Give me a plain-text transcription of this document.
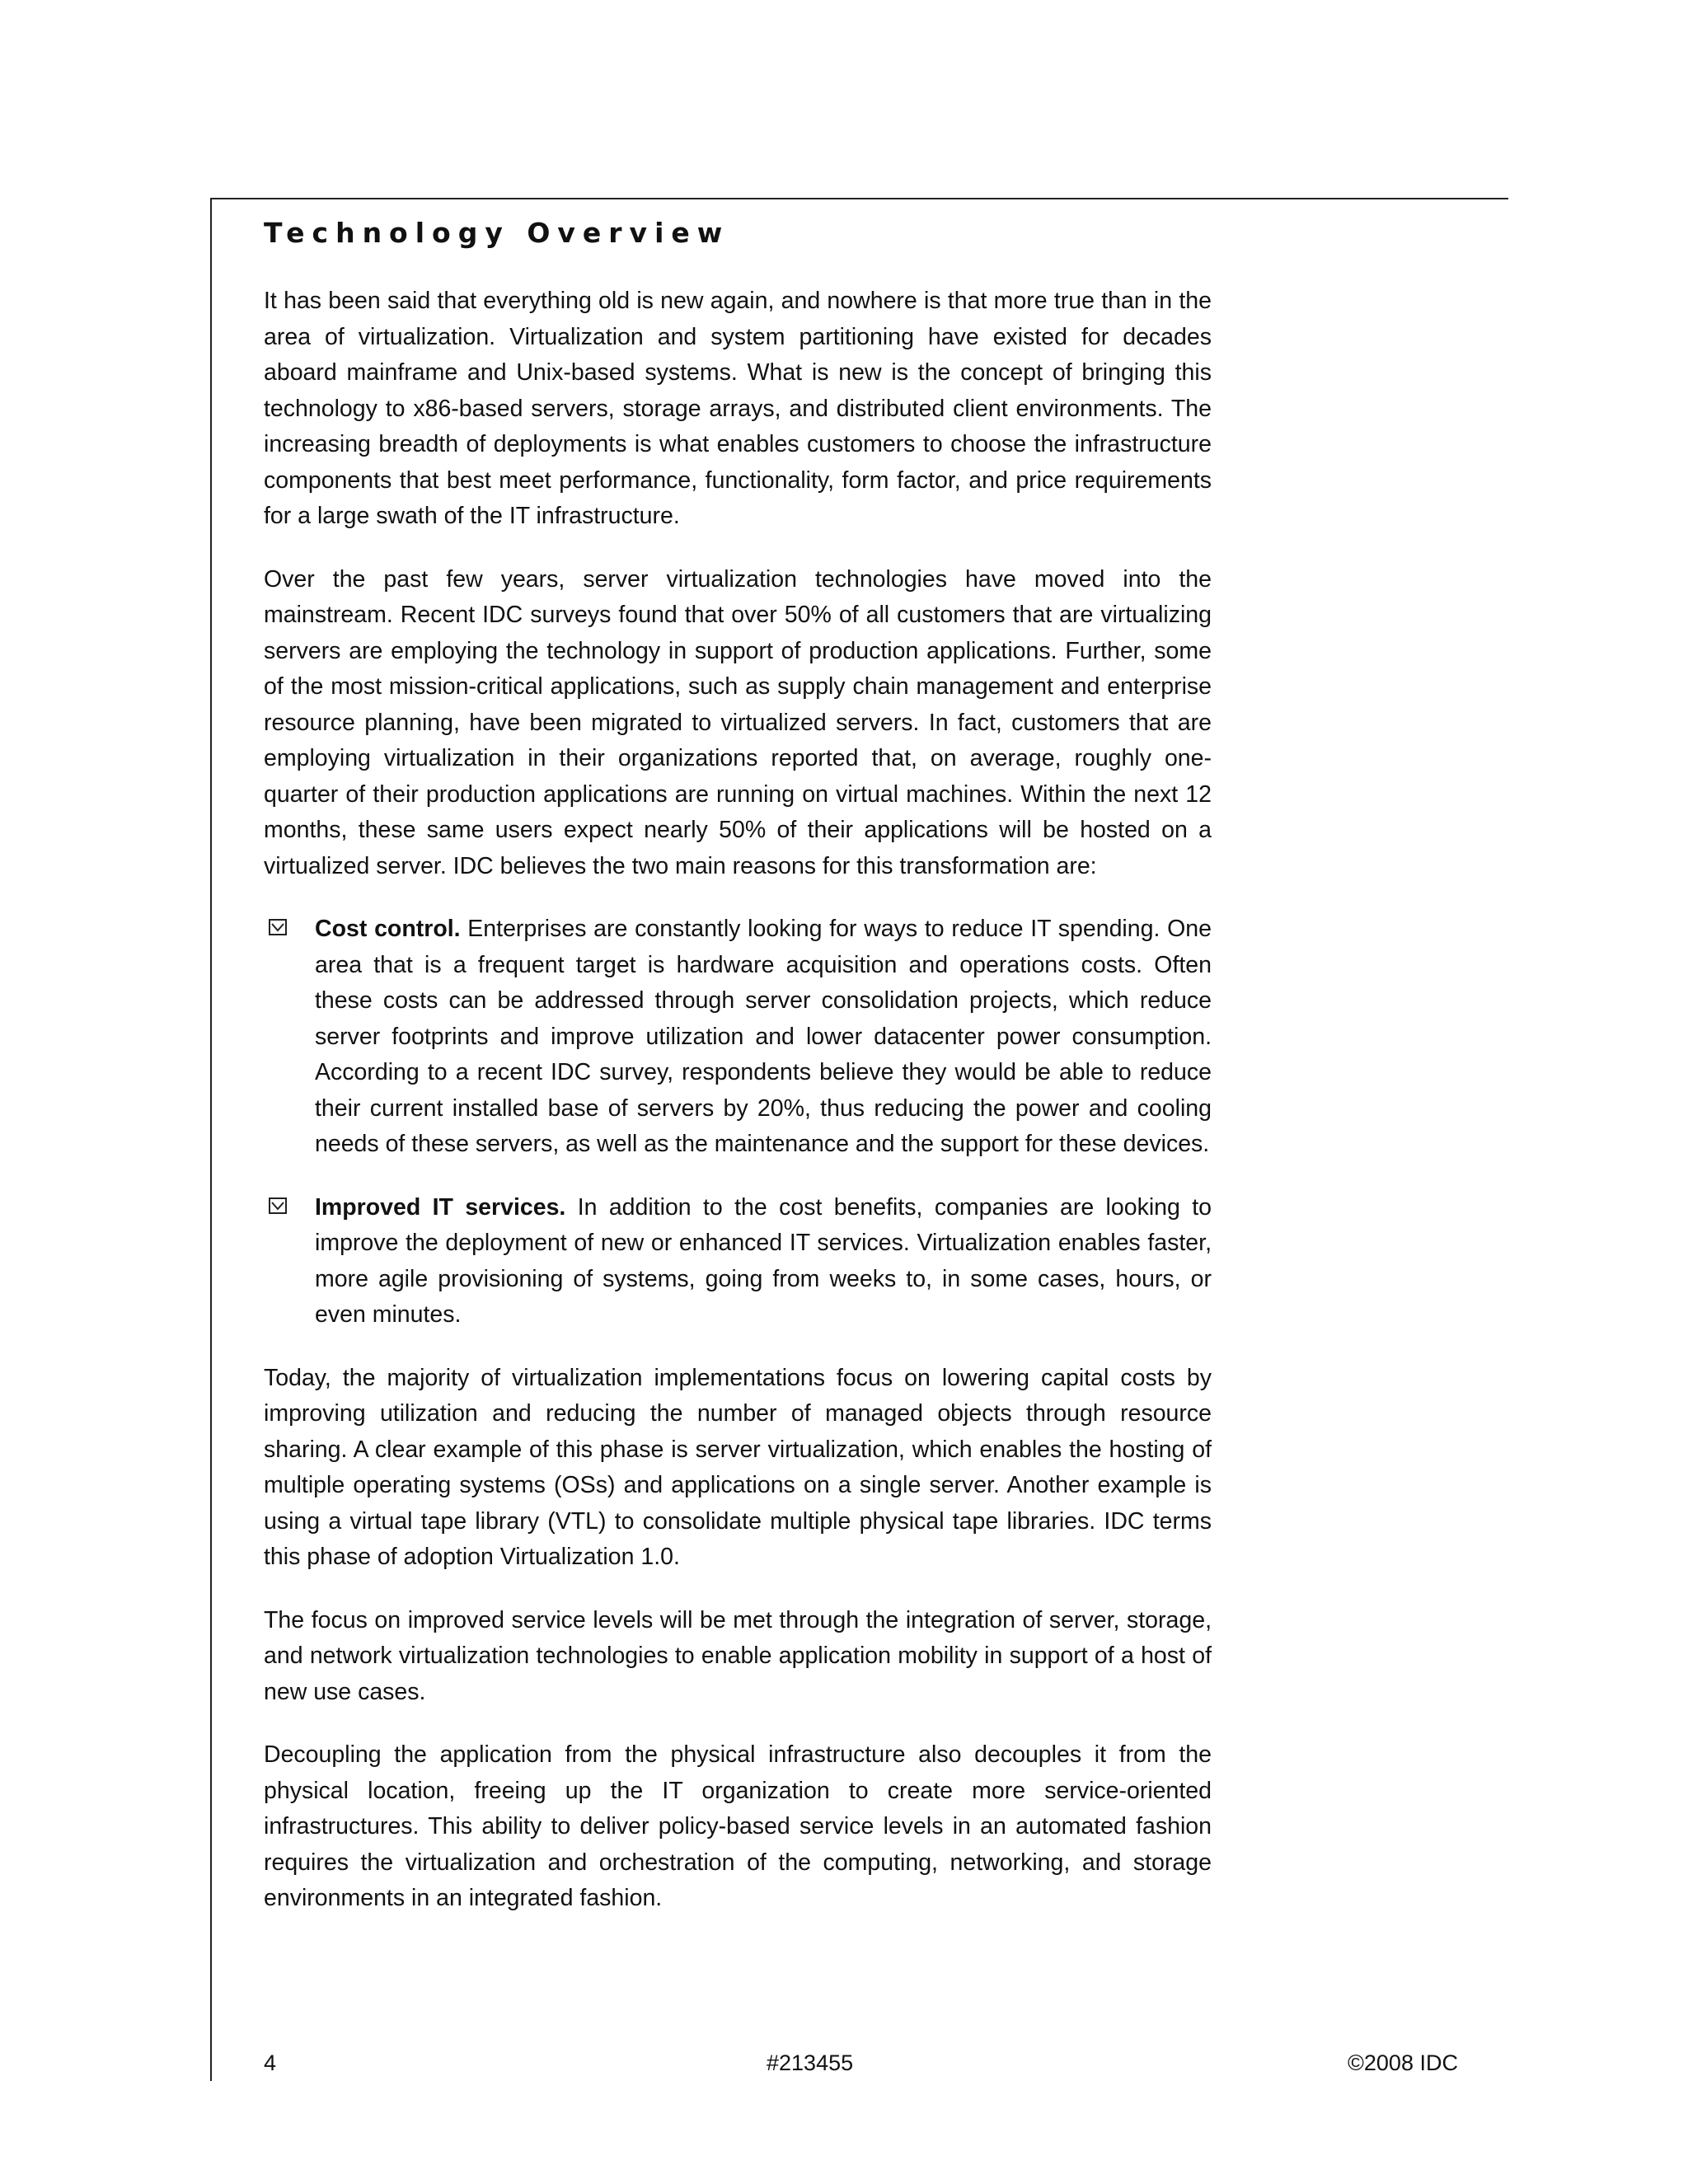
Technology Overview

It has been said that everything old is new again, and nowhere is that more true than in the area of virtualization. Virtualization and system partitioning have existed for decades aboard mainframe and Unix-based systems. What is new is the concept of bringing this technology to x86-based servers, storage arrays, and distributed client environments. The increasing breadth of deployments is what enables customers to choose the infrastructure components that best meet performance, functionality, form factor, and price requirements for a large swath of the IT infrastructure.

Over the past few years, server virtualization technologies have moved into the mainstream. Recent IDC surveys found that over 50% of all customers that are virtualizing servers are employing the technology in support of production applications. Further, some of the most mission-critical applications, such as supply chain management and enterprise resource planning, have been migrated to virtualized servers. In fact, customers that are employing virtualization in their organizations reported that, on average, roughly one-quarter of their production applications are running on virtual machines. Within the next 12 months, these same users expect nearly 50% of their applications will be hosted on a virtualized server. IDC believes the two main reasons for this transformation are:

Cost control. Enterprises are constantly looking for ways to reduce IT spending. One area that is a frequent target is hardware acquisition and operations costs. Often these costs can be addressed through server consolidation projects, which reduce server footprints and improve utilization and lower datacenter power consumption. According to a recent IDC survey, respondents believe they would be able to reduce their current installed base of servers by 20%, thus reducing the power and cooling needs of these servers, as well as the maintenance and the support for these devices.
Improved IT services. In addition to the cost benefits, companies are looking to improve the deployment of new or enhanced IT services. Virtualization enables faster, more agile provisioning of systems, going from weeks to, in some cases, hours, or even minutes.

Today, the majority of virtualization implementations focus on lowering capital costs by improving utilization and reducing the number of managed objects through resource sharing. A clear example of this phase is server virtualization, which enables the hosting of multiple operating systems (OSs) and applications on a single server. Another example is using a virtual tape library (VTL) to consolidate multiple physical tape libraries. IDC terms this phase of adoption Virtualization 1.0.

The focus on improved service levels will be met through the integration of server, storage, and network virtualization technologies to enable application mobility in support of a host of new use cases.

Decoupling the application from the physical infrastructure also decouples it from the physical location, freeing up the IT organization to create more service-oriented infrastructures. This ability to deliver policy-based service levels in an automated fashion requires the virtualization and orchestration of the computing, networking, and storage environments in an integrated fashion.

4	#213455	©2008 IDC
